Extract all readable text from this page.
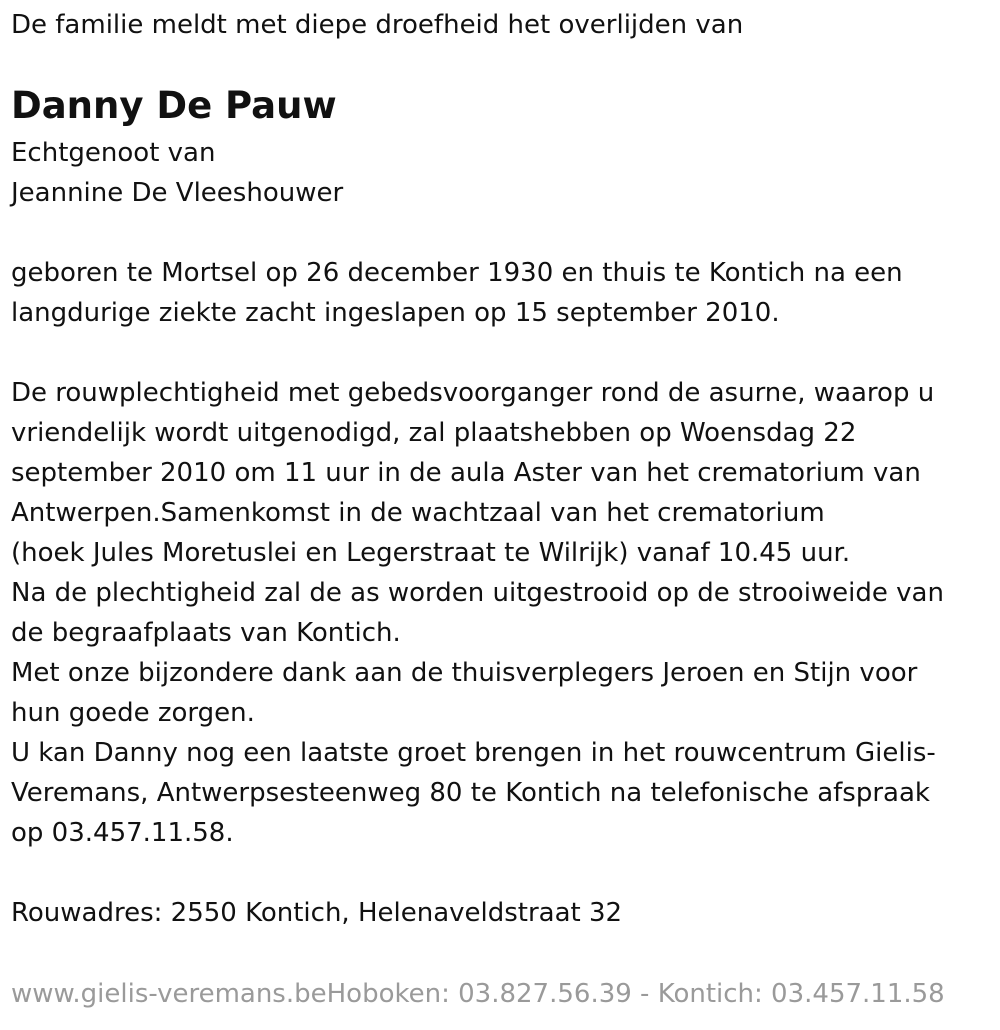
De familie meldt met diepe droefheid het overlijden van
Danny De Pauw
Echtgenoot van
Jeannine De Vleeshouwer
geboren te Mortsel op 26 december 1930 en thuis te Kontich na een
langdurige ziekte zacht ingeslapen op 15 september 2010.
De rouwplechtigheid met gebedsvoorganger rond de asurne, waarop u
vriendelijk wordt uitgenodigd, zal plaatshebben op Woensdag 22
september 2010 om 11 uur in de aula Aster van het crematorium van
Antwerpen.Samenkomst in de wachtzaal van het crematorium
(hoek Jules Moretuslei en Legerstraat te Wilrijk) vanaf 10.45 uur.
Na de plechtigheid zal de as worden uitgestrooid op de strooiweide van
de begraafplaats van Kontich.
Met onze bijzondere dank aan de thuisverplegers Jeroen en Stijn voor
hun goede zorgen.
U kan Danny nog een laatste groet brengen in het rouwcentrum Gielis-
Veremans, Antwerpsesteenweg 80 te Kontich na telefonische afspraak
op 03.457.11.58.
Rouwadres: 2550 Kontich, Helenaveldstraat 32
www.gielis-veremans.beHoboken: 03.827.56.39 - Kontich: 03.457.11.58
